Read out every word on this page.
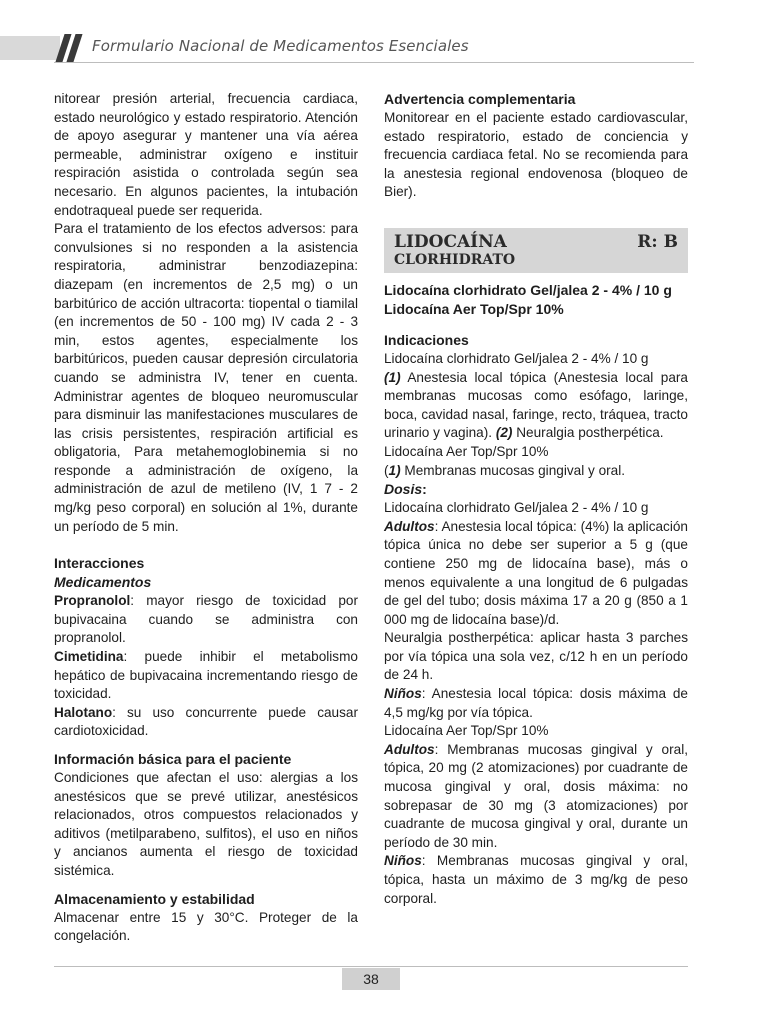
Formulario Nacional de Medicamentos Esenciales

nitorear presión arterial, frecuencia cardiaca, estado neurológico y estado respiratorio. Atención de apoyo asegurar y mantener una vía aérea permeable, administrar oxígeno e instituir respiración asistida o controlada según sea necesario. En algunos pacientes, la intubación endotraqueal puede ser requerida.

Para el tratamiento de los efectos adversos: para convulsiones si no responden a la asistencia respiratoria, administrar benzodiazepina: diazepam (en incrementos de 2,5 mg) o un barbitúrico de acción ultracorta: tiopental o tiamilal (en incrementos de 50 - 100 mg) IV cada 2 - 3 min, estos agentes, especialmente los barbitúricos, pueden causar depresión circulatoria cuando se administra IV, tener en cuenta. Administrar agentes de bloqueo neuromuscular para disminuir las manifestaciones musculares de las crisis persistentes, respiración artificial es obligatoria, Para metahemoglobinemia si no responde a administración de oxígeno, la administración de azul de metileno (IV, 1 7 - 2 mg/kg peso corporal) en solución al 1%, durante un período de 5 min.

Interacciones
Medicamentos

Propranolol: mayor riesgo de toxicidad por bupivacaina cuando se administra con propranolol.

Cimetidina: puede inhibir el metabolismo hepático de bupivacaina incrementando riesgo de toxicidad.

Halotano: su uso concurrente puede causar cardiotoxicidad.

Información básica para el paciente

Condiciones que afectan el uso: alergias a los anestésicos que se prevé utilizar, anestésicos relacionados, otros compuestos relacionados y aditivos (metilparabeno, sulfitos), el uso en niños y ancianos aumenta el riesgo de toxicidad sistémica.

Almacenamiento y estabilidad

Almacenar entre 15 y 30°C. Proteger de la congelación.

Advertencia complementaria

Monitorear en el paciente estado cardiovascular, estado respiratorio, estado de conciencia y frecuencia cardiaca fetal. No se recomienda para la anestesia regional endovenosa (bloqueo de Bier).

LIDOCAÍNA	R: B
CLORHIDRATO

Lidocaína clorhidrato Gel/jalea 2 - 4% / 10 g

Lidocaína Aer Top/Spr 10%

Indicaciones

Lidocaína clorhidrato Gel/jalea 2 - 4% / 10 g

(1) Anestesia local tópica (Anestesia local para membranas mucosas como esófago, laringe, boca, cavidad nasal, faringe, recto, tráquea, tracto urinario y vagina). (2) Neuralgia postherpética.

Lidocaína Aer Top/Spr 10%

(1) Membranas mucosas gingival y oral.

Dosis:

Lidocaína clorhidrato Gel/jalea 2 - 4% / 10 g

Adultos: Anestesia local tópica: (4%) la aplicación tópica única no debe ser superior a 5 g (que contiene 250 mg de lidocaína base), más o menos equivalente a una longitud de 6 pulgadas de gel del tubo; dosis máxima 17 a 20 g (850 a 1 000 mg de lidocaína base)/d.

Neuralgia postherpética: aplicar hasta 3 parches por vía tópica una sola vez, c/12 h en un período de 24 h.

Niños: Anestesia local tópica: dosis máxima de 4,5 mg/kg por vía tópica.

Lidocaína Aer Top/Spr 10%

Adultos: Membranas mucosas gingival y oral, tópica, 20 mg (2 atomizaciones) por cuadrante de mucosa gingival y oral, dosis máxima: no sobrepasar de 30 mg (3 atomizaciones) por cuadrante de mucosa gingival y oral, durante un período de 30 min.

Niños: Membranas mucosas gingival y oral, tópica, hasta un máximo de 3 mg/kg de peso corporal.

38
